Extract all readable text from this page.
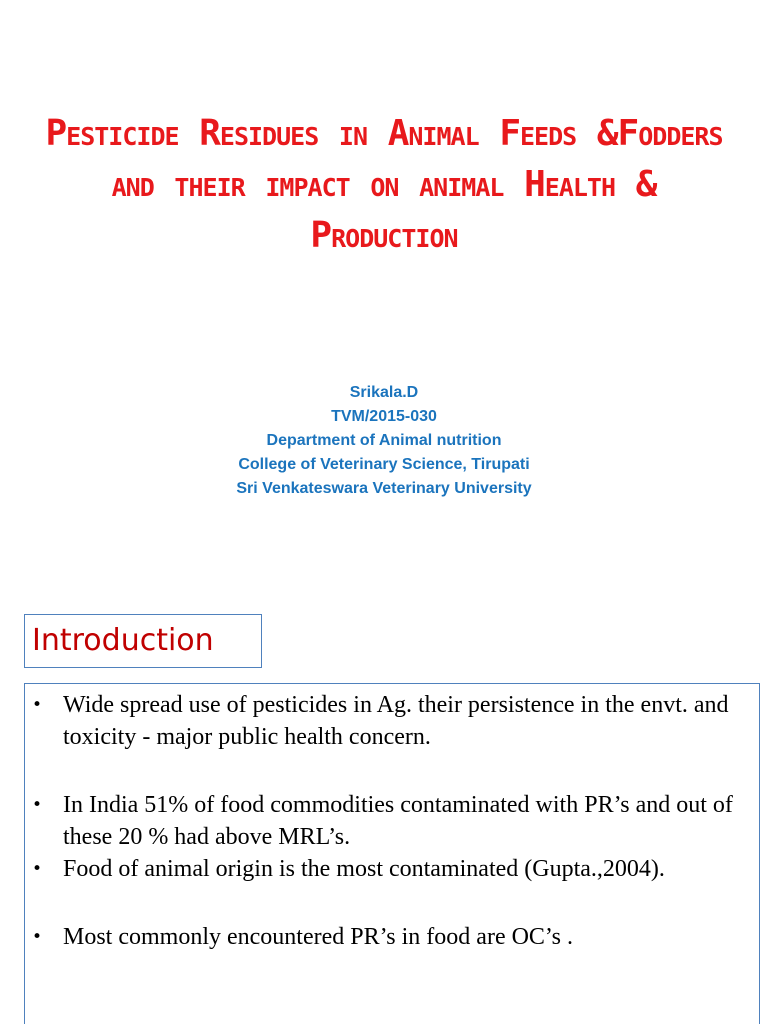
Pesticide Residues in Animal Feeds &Fodders and their impact on animal Health & Production
Srikala.D
TVM/2015-030
Department of Animal nutrition
College of Veterinary Science, Tirupati
Sri Venkateswara Veterinary University
Introduction
• Wide spread use of pesticides in Ag. their persistence in the envt. and toxicity - major public health concern.
• In India 51% of food commodities contaminated with PR’s and out of these 20 % had above MRL’s.
• Food of animal origin is the most contaminated (Gupta.,2004).
• Most commonly encountered PR’s in food are OC’s .
